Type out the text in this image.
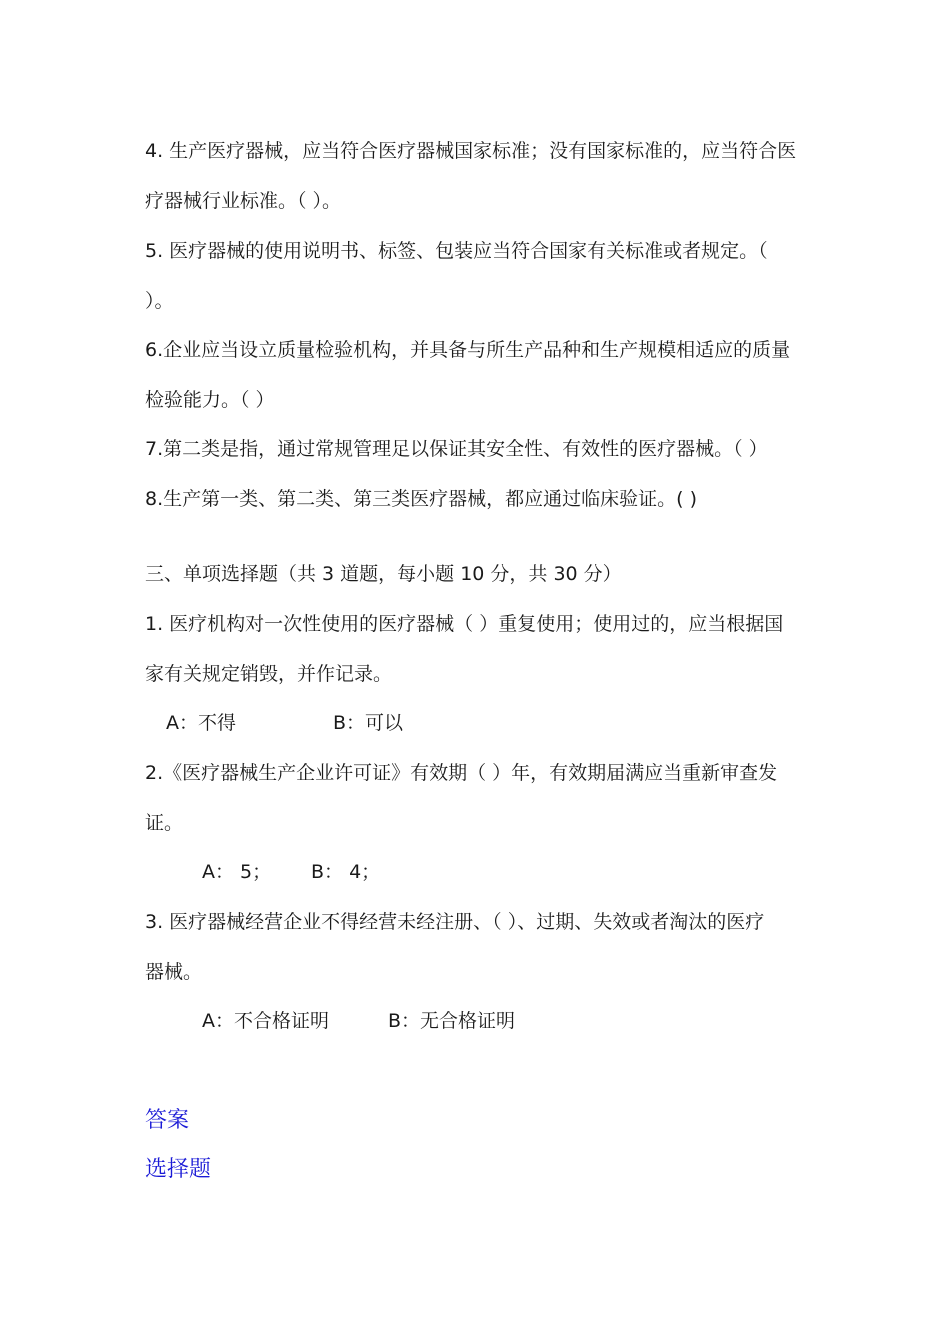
4. 生产医疗器械，应当符合医疗器械国家标准；没有国家标准的，应当符合医
疗器械行业标准。（ ）。
5. 医疗器械的使用说明书、标签、包装应当符合国家有关标准或者规定。（
）。
6.企业应当设立质量检验机构，并具备与所生产品种和生产规模相适应的质量
检验能力。（ ）
7.第二类是指，通过常规管理足以保证其安全性、有效性的医疗器械。（ ）
8.生产第一类、第二类、第三类医疗器械，都应通过临床验证。( )
三、单项选择题（共 3 道题，每小题 10 分，共 30 分）
1. 医疗机构对一次性使用的医疗器械（ ）重复使用；使用过的，应当根据国
家有关规定销毁，并作记录。
A：不得	B：可以
2.《医疗器械生产企业许可证》有效期（ ）年，有效期届满应当重新审查发
证。
A： 5； B： 4；
3. 医疗器械经营企业不得经营未经注册、（ ）、过期、失效或者淘汰的医疗
器械。
A：不合格证明	B：无合格证明
答案
选择题
